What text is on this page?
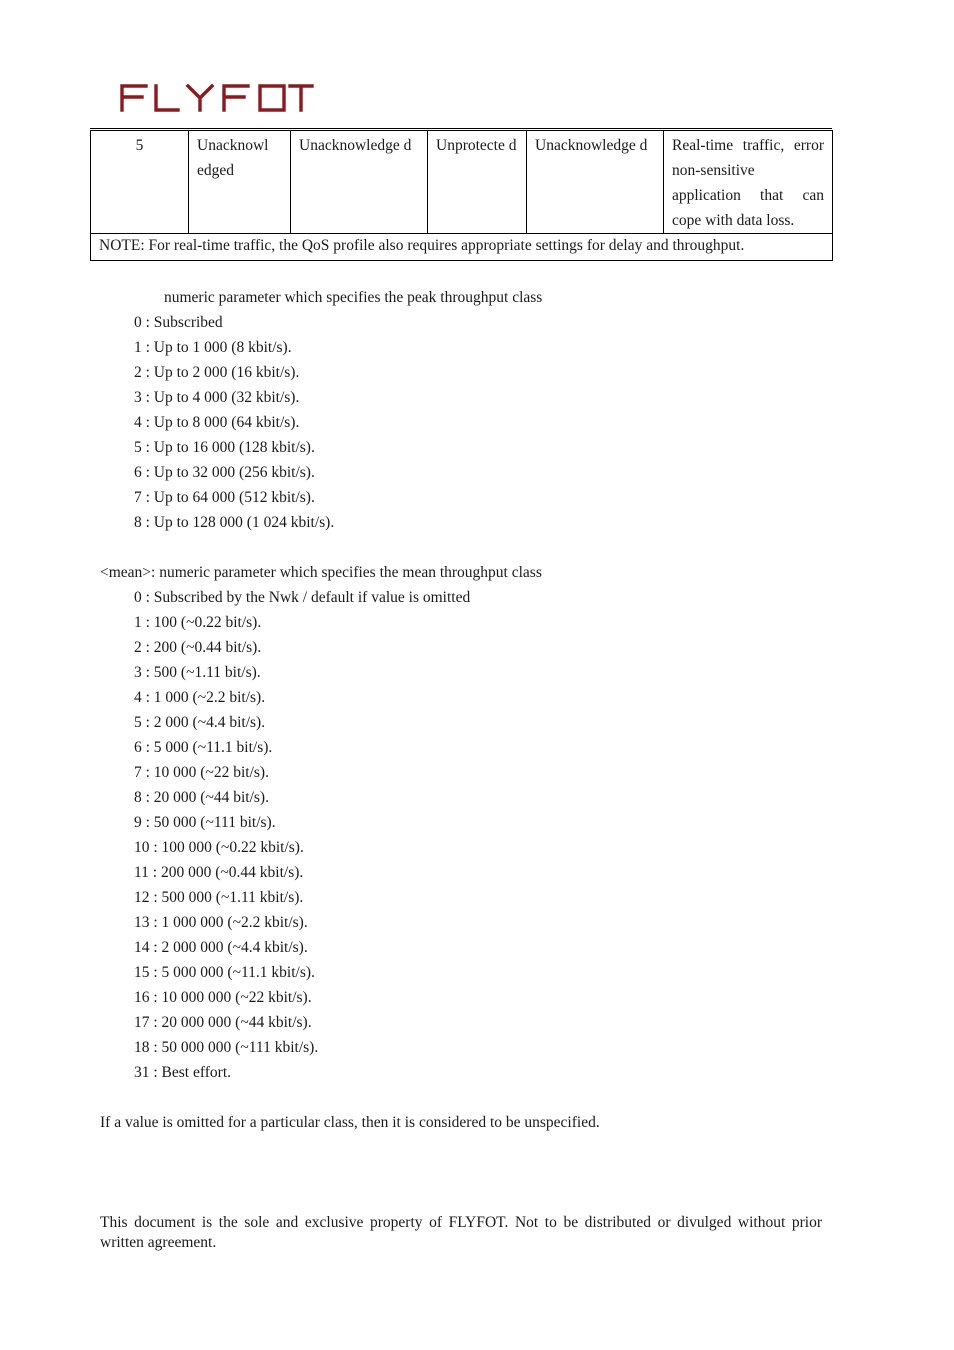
5	Unacknowl edged	Unacknowledge d	Unprotecte d	Unacknowledge d	Real-time traffic, error non-sensitive application that can cope with data loss.
NOTE: For real-time traffic, the QoS profile also requires appropriate settings for delay and throughput.
numeric parameter which specifies the peak throughput class
0 : Subscribed
1 : Up to 1 000 (8 kbit/s).
2 : Up to 2 000 (16 kbit/s).
3 : Up to 4 000 (32 kbit/s).
4 : Up to 8 000 (64 kbit/s).
5 : Up to 16 000 (128 kbit/s).
6 : Up to 32 000 (256 kbit/s).
7 : Up to 64 000 (512 kbit/s).
8 : Up to 128 000 (1 024 kbit/s).
<mean>: numeric parameter which specifies the mean throughput class
0 : Subscribed by the Nwk / default if value is omitted
1 : 100 (~0.22 bit/s).
2 : 200 (~0.44 bit/s).
3 : 500 (~1.11 bit/s).
4 : 1 000 (~2.2 bit/s).
5 : 2 000 (~4.4 bit/s).
6 : 5 000 (~11.1 bit/s).
7 : 10 000 (~22 bit/s).
8 : 20 000 (~44 bit/s).
9 : 50 000 (~111 bit/s).
10 : 100 000 (~0.22 kbit/s).
11 : 200 000 (~0.44 kbit/s).
12 : 500 000 (~1.11 kbit/s).
13 : 1 000 000 (~2.2 kbit/s).
14 : 2 000 000 (~4.4 kbit/s).
15 : 5 000 000 (~11.1 kbit/s).
16 : 10 000 000 (~22 kbit/s).
17 : 20 000 000 (~44 kbit/s).
18 : 50 000 000 (~111 kbit/s).
31 : Best effort.
If a value is omitted for a particular class, then it is considered to be unspecified.
This document is the sole and exclusive property of FLYFOT. Not to be distributed or divulged without prior written agreement.
